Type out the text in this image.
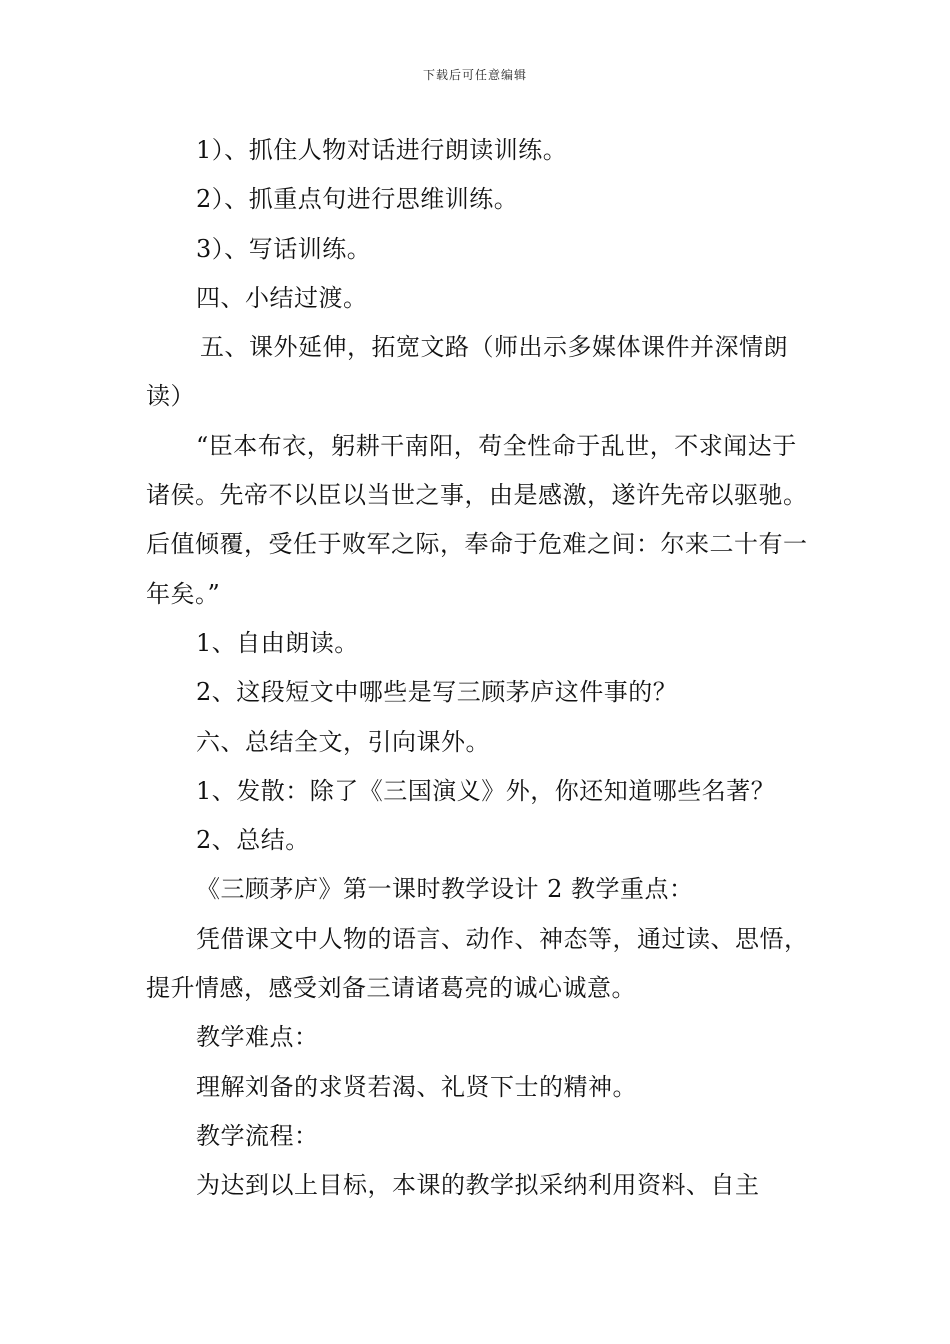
下载后可任意编辑

1）、抓住人物对话进行朗读训练。

2）、抓重点句进行思维训练。

3）、写话训练。

四、小结过渡。

五、课外延伸，拓宽文路（师出示多媒体课件并深情朗读）

“臣本布衣，躬耕干南阳，苟全性命于乱世，不求闻达于诸侯。先帝不以臣以当世之事，由是感激，遂许先帝以驱驰。后值倾覆，受任于败军之际，奉命于危难之间：尔来二十有一年矣。”

1、自由朗读。

2、这段短文中哪些是写三顾茅庐这件事的？

六、总结全文，引向课外。

1、发散：除了《三国演义》外，你还知道哪些名著？

2、总结。

《三顾茅庐》第一课时教学设计 2 教学重点：

凭借课文中人物的语言、动作、神态等，通过读、思悟，提升情感，感受刘备三请诸葛亮的诚心诚意。

教学难点：

理解刘备的求贤若渴、礼贤下士的精神。

教学流程：

为达到以上目标，本课的教学拟采纳利用资料、自主
